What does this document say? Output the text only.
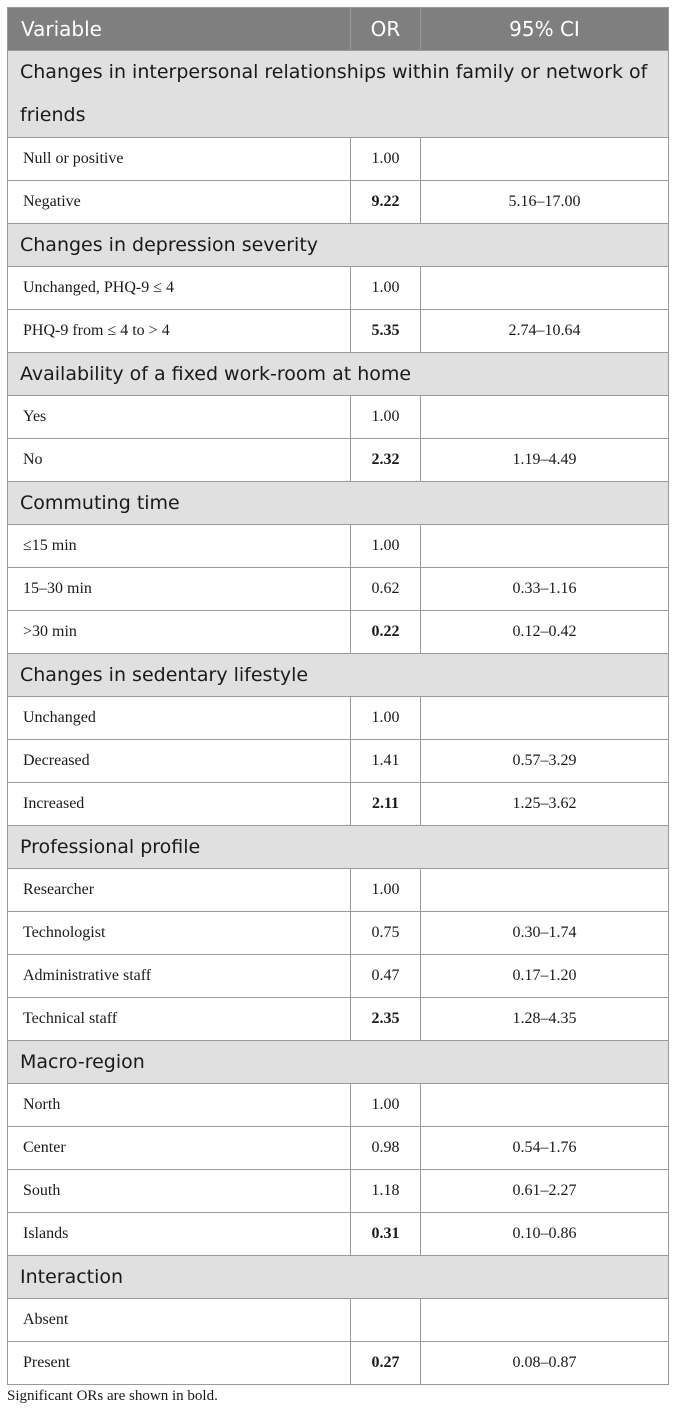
Variable	OR	95% CI
Changes in interpersonal relationships within family or network of friends		
Null or positive	1.00	
Negative	9.22	5.16–17.00
Changes in depression severity		
Unchanged, PHQ-9 ≤ 4	1.00	
PHQ-9 from ≤ 4 to > 4	5.35	2.74–10.64
Availability of a fixed work-room at home		
Yes	1.00	
No	2.32	1.19–4.49
Commuting time		
≤15 min	1.00	
15–30 min	0.62	0.33–1.16
>30 min	0.22	0.12–0.42
Changes in sedentary lifestyle		
Unchanged	1.00	
Decreased	1.41	0.57–3.29
Increased	2.11	1.25–3.62
Professional profile		
Researcher	1.00	
Technologist	0.75	0.30–1.74
Administrative staff	0.47	0.17–1.20
Technical staff	2.35	1.28–4.35
Macro-region		
North	1.00	
Center	0.98	0.54–1.76
South	1.18	0.61–2.27
Islands	0.31	0.10–0.86
Interaction		
Absent		
Present	0.27	0.08–0.87
Significant ORs are shown in bold.
